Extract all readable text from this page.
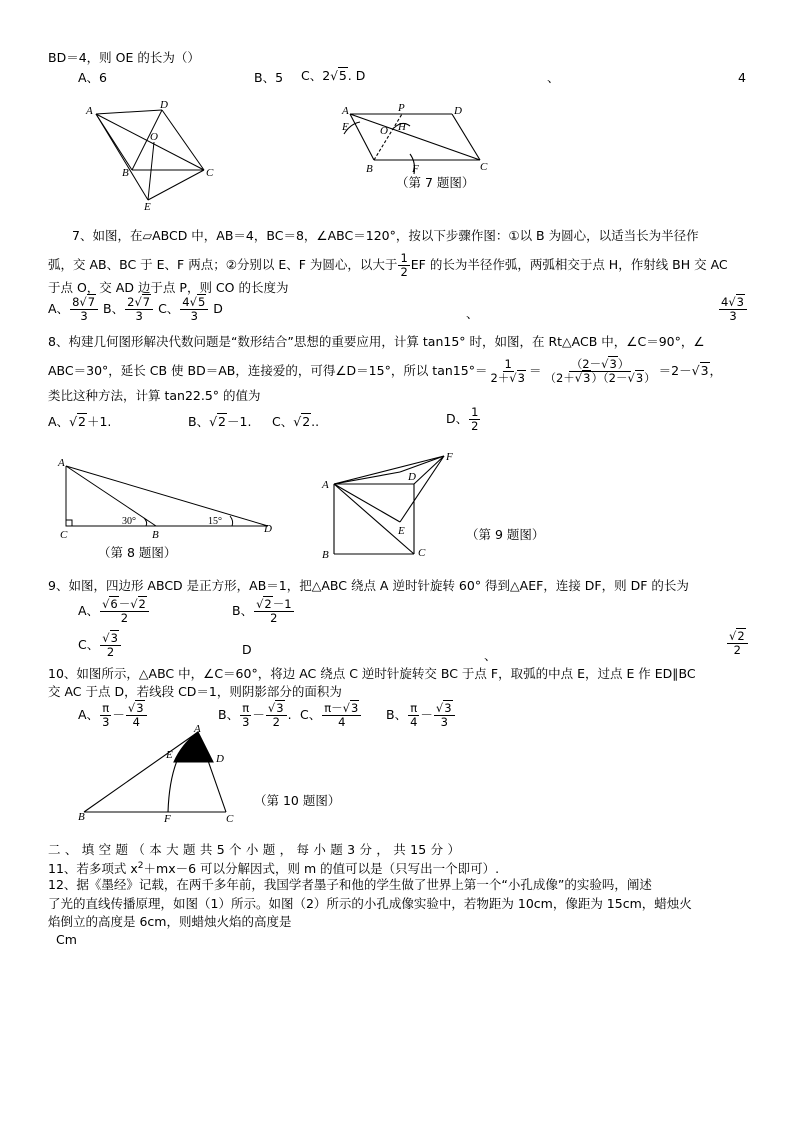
BD＝4，则 OE 的长为（）
A、6	B、5 C、2√5. D	、	4
A	D
O
B	C
E
A	P	D
E	O H
B	F	C
（第 7 题图）
7、如图，在▱ABCD 中，AB＝4，BC＝8，∠ABC＝120°，按以下步骤作图：①以 B 为圆心，以适当长为半径作
弧，交 AB、BC 于 E、F 两点；②分别以 E、F 为圆心，以大于 $\frac{1}{2}$ EF 的长为半径作弧，两弧相交于点 H，作射线 BH 交 AC
于点 O，交 AD 边于点 P，则 CO 的长度为
A、 $\frac{8√7}{3}$ B、 $\frac{2√7}{3}$ C、 $\frac{4√5}{3}$ D	、	$\frac{4√3}{3}$
8、构建几何图形解决代数问题是“数形结合”思想的重要应用，计算 tan15° 时，如图，在 Rt△ACB 中，∠C＝90°，∠
ABC＝30°，延长 CB 使 BD＝AB，连接爱的，可得∠D＝15°，所以 $\tan 15^\circ= \frac{1}{2+√3} = \frac{(2-√3)}{(2+√3)(2-√3)} =2-√3$，
类比这种方法，计算 tan22.5° 的值为
A、√2＋1.	B、√2－1. C、√2..	D、 $\frac{1}{2}$
A
C	B	D
30°	15°
（第 8 题图）
A
F
D
E
B	C
（第 9 题图）
9、如图，四边形 ABCD 是正方形，AB＝1，把△ABC 绕点 A 逆时针旋转 60° 得到△AEF，连接 DF，则 DF 的长为
A、 $\frac{√6-√2}{2}$	B、 $\frac{√2-1}{2}$
C、 $\frac{√3}{2}$	D	、	$\frac{√2}{2}$
10、如图所示，△ABC 中，∠C＝60°，将边 AC 绕点 C 逆时针旋转交 BC 于点 F，取弧的中点 E，过点 E 作 ED∥BC
交 AC 于点 D，若线段 CD＝1，则阴影部分的面积为
A、 $\frac{\pi}{3} - \frac{√3}{4}$	B、 $\frac{\pi}{3} - \frac{√3}{2}$ . C、 $\frac{\pi-√3}{4}$ B、 $\frac{\pi}{4} - \frac{√3}{3}$
A
E	D
B	F	C
（第 10 题图）
二 、 填 空 题 （ 本 大 题 共 5 个 小 题 ， 每 小 题 3 分 ， 共 15 分 ）
11、若多项式 $x^2+mx-6$ 可以分解因式，则 m 的值可以是（只写出一个即可）.
12、据《墨经》记载，在两千多年前，我国学者墨子和他的学生做了世界上第一个“小孔成像”的实验吗，阐述
了光的直线传播原理，如图（1）所示。如图（2）所示的小孔成像实验中，若物距为 10cm，像距为 15cm，蜡烛火
焰倒立的高度是 6cm，则蜡烛火焰的高度是
Cm
